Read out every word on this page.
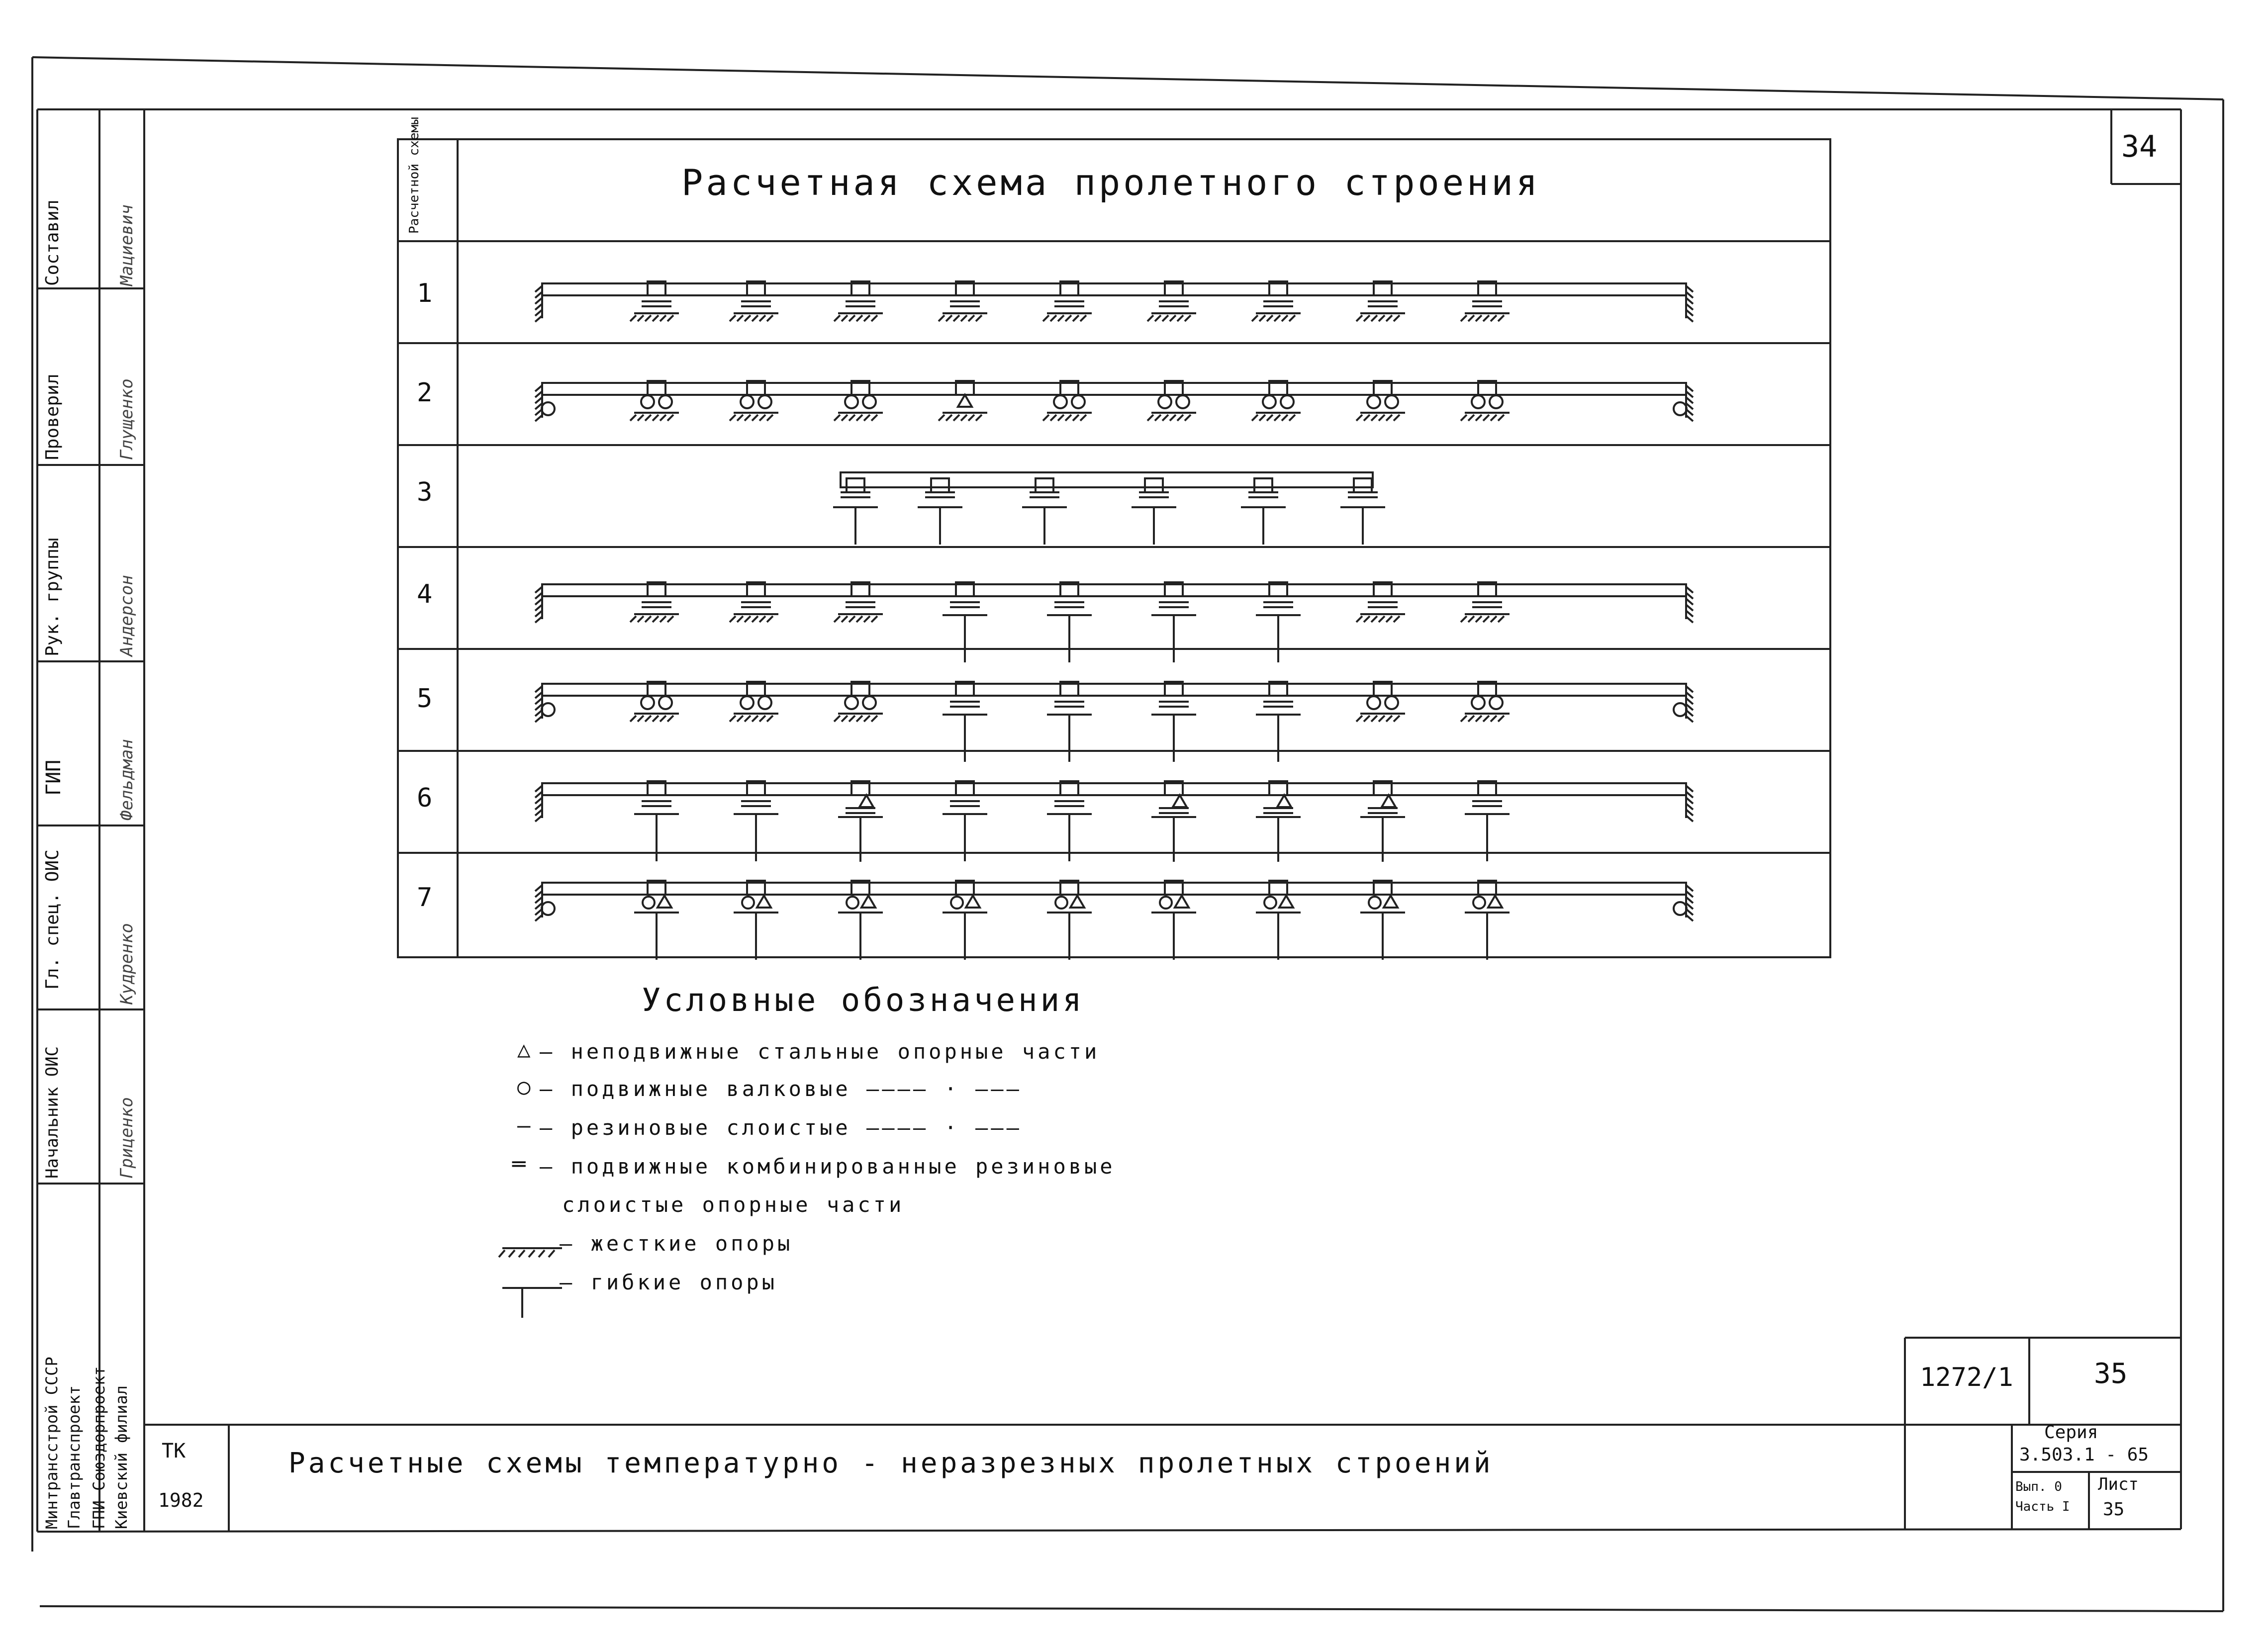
34
Расчетной схемы	Расчетная схема пролетного строения
1
2
3
4
5
6
7
Условные обозначения
△ – неподвижные стальные опорные части
○ – подвижные валковые ———— · ———
— – резиновые слоистые ———— · ———
═ – подвижные комбинированные резиновые
слоистые опорные части
– жесткие опоры
– гибкие опоры
Составил	Мациевич
Проверил	Глущенко
Рук. группы	Андерсон
ГИП	Фельдман
Гл. спец. ОИС	Кудренко
Начальник ОИС	Гриценко
Минтрансстрой СССР Главтранспроект ГПИ Союздорпроект Киевский филиал ТК
1982
Расчетные схемы температурно - неразрезных пролетных строений
1272/1	35
Серия
3.503.1 - 65
Вып. 0 Часть I
Лист
35
